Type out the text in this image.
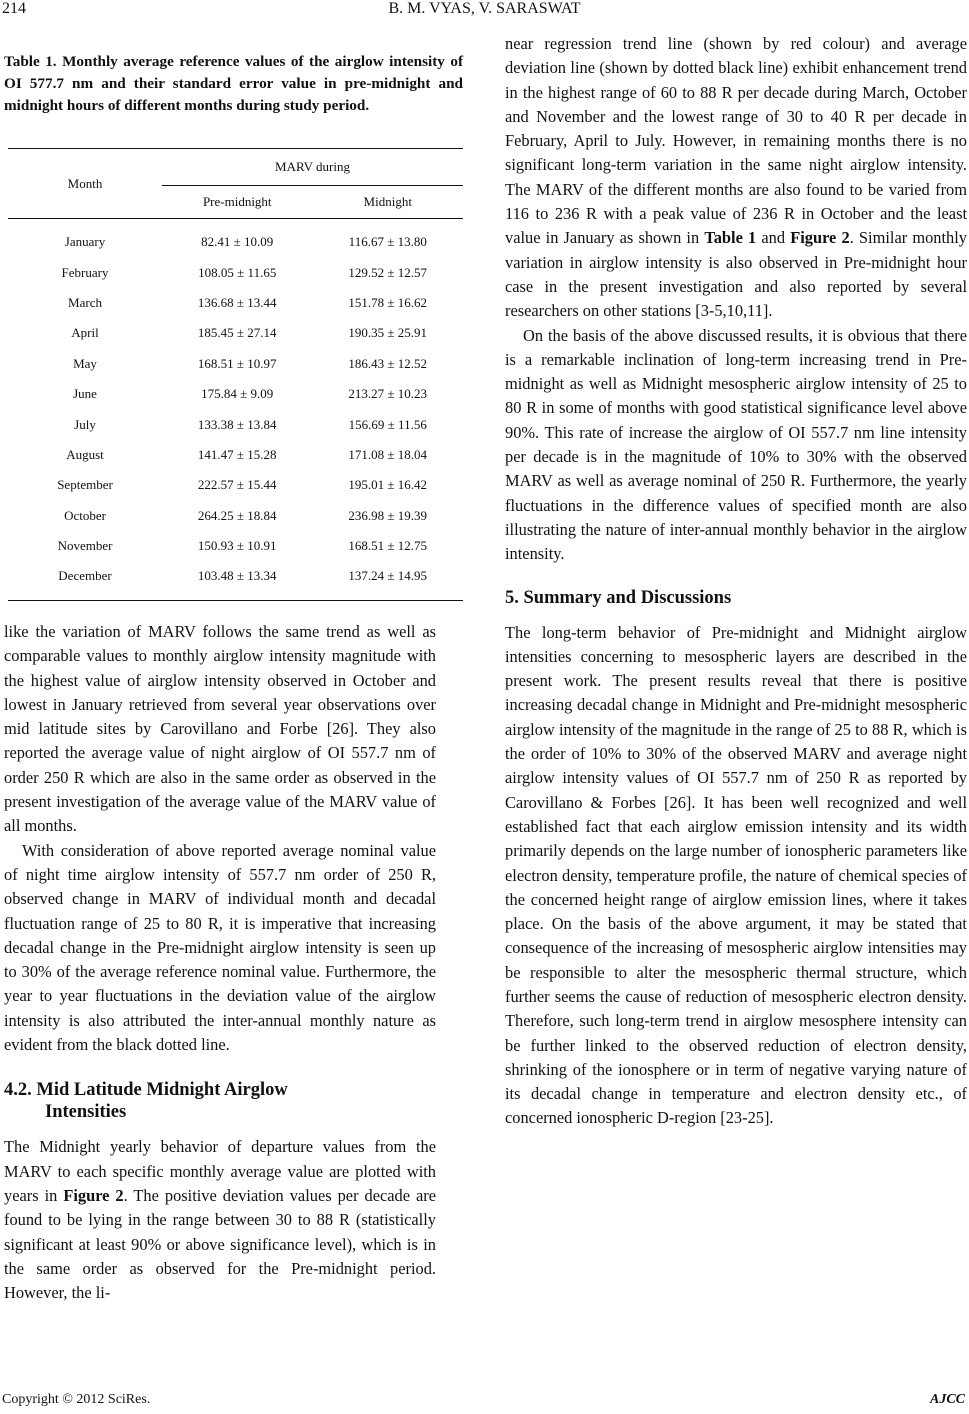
214	B. M. VYAS, V. SARASWAT

Table 1. Monthly average reference values of the airglow intensity of OI 577.7 nm and their standard error value in pre-midnight and midnight hours of different months during study period.

Month	MARV during	
	Pre-midnight	Midnight

January	82.41 ± 10.09	116.67 ± 13.80
February	108.05 ± 11.65	129.52 ± 12.57
March	136.68 ± 13.44	151.78 ± 16.62
April	185.45 ± 27.14	190.35 ± 25.91
May	168.51 ± 10.97	186.43 ± 12.52
June	175.84 ± 9.09	213.27 ± 10.23
July	133.38 ± 13.84	156.69 ± 11.56
August	141.47 ± 15.28	171.08 ± 18.04
September	222.57 ± 15.44	195.01 ± 16.42
October	264.25 ± 18.84	236.98 ± 19.39
November	150.93 ± 10.91	168.51 ± 12.75
December	103.48 ± 13.34	137.24 ± 14.95

like the variation of MARV follows the same trend as well as comparable values to monthly airglow intensity magnitude with the highest value of airglow intensity observed in October and lowest in January retrieved from several year observations over mid latitude sites by Carovillano and Forbe [26]. They also reported the average value of night airglow of OI 557.7 nm of order 250 R which are also in the same order as observed in the present investigation of the average value of the MARV value of all months.

With consideration of above reported average nominal value of night time airglow intensity of 557.7 nm order of 250 R, observed change in MARV of individual month and decadal fluctuation range of 25 to 80 R, it is imperative that increasing decadal change in the Pre-midnight airglow intensity is seen up to 30% of the average reference nominal value. Furthermore, the year to year fluctuations in the deviation value of the airglow intensity is also attributed the inter-annual monthly nature as evident from the black dotted line.

4.2. Mid Latitude Midnight Airglow
Intensities

The Midnight yearly behavior of departure values from the MARV to each specific monthly average value are plotted with years in Figure 2. The positive deviation values per decade are found to be lying in the range between 30 to 88 R (statistically significant at least 90% or above significance level), which is in the same order as observed for the Pre-midnight period. However, the li-

near regression trend line (shown by red colour) and average deviation line (shown by dotted black line) exhibit enhancement trend in the highest range of 60 to 88 R per decade during March, October and November and the lowest range of 30 to 40 R per decade in February, April to July. However, in remaining months there is no significant long-term variation in the same night airglow intensity. The MARV of the different months are also found to be varied from 116 to 236 R with a peak value of 236 R in October and the least value in January as shown in Table 1 and Figure 2. Similar monthly variation in airglow intensity is also observed in Pre-midnight hour case in the present investigation and also reported by several researchers on other stations [3-5,10,11].

On the basis of the above discussed results, it is obvious that there is a remarkable inclination of long-term increasing trend in Pre-midnight as well as Midnight mesospheric airglow intensity of 25 to 80 R in some of months with good statistical significance level above 90%. This rate of increase the airglow of OI 557.7 nm line intensity per decade is in the magnitude of 10% to 30% with the observed MARV as well as average nominal of 250 R. Furthermore, the yearly fluctuations in the difference values of specified month are also illustrating the nature of inter-annual monthly behavior in the airglow intensity.

5. Summary and Discussions

The long-term behavior of Pre-midnight and Midnight airglow intensities concerning to mesospheric layers are described in the present work. The present results reveal that there is positive increasing decadal change in Midnight and Pre-midnight mesospheric airglow intensity of the magnitude in the range of 25 to 88 R, which is the order of 10% to 30% of the observed MARV and average night airglow intensity values of OI 557.7 nm of 250 R as reported by Carovillano & Forbes [26]. It has been well recognized and well established fact that each airglow emission intensity and its width primarily depends on the large number of ionospheric parameters like electron density, temperature profile, the nature of chemical species of the concerned height range of airglow emission lines, where it takes place. On the basis of the above argument, it may be stated that consequence of the increasing of mesospheric airglow intensities may be responsible to alter the mesospheric thermal structure, which further seems the cause of reduction of mesospheric electron density. Therefore, such long-term trend in airglow mesosphere intensity can be further linked to the observed reduction of electron density, shrinking of the ionosphere or in term of negative varying nature of its decadal change in temperature and electron density etc., of concerned ionospheric D-region [23-25].

Copyright © 2012 SciRes.	AJCC
